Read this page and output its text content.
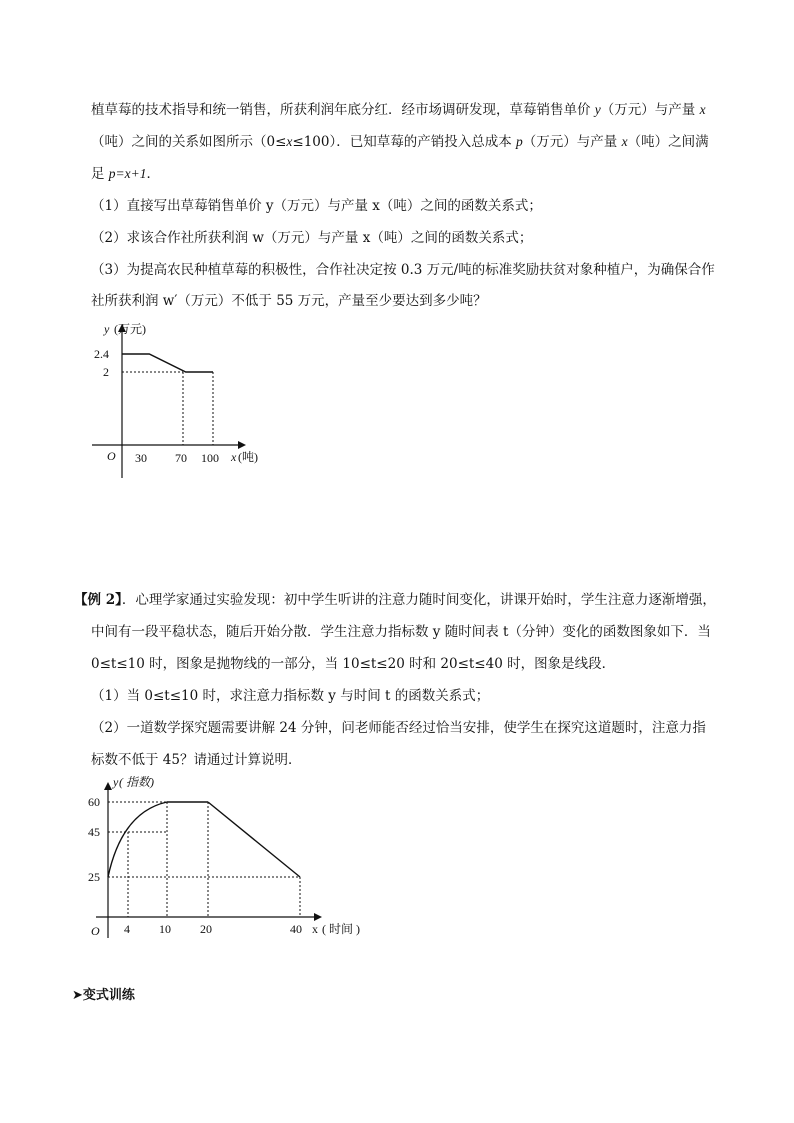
植草莓的技术指导和统一销售，所获利润年底分红．经市场调研发现，草莓销售单价 y（万元）与产量 x
（吨）之间的关系如图所示（0≤x≤100）．已知草莓的产销投入总成本 p（万元）与产量 x（吨）之间满
足 p=x+1．
（1）直接写出草莓销售单价 y（万元）与产量 x（吨）之间的函数关系式；
（2）求该合作社所获利润 w（万元）与产量 x（吨）之间的函数关系式；
（3）为提高农民种植草莓的积极性，合作社决定按 0.3 万元/吨的标准奖励扶贫对象种植户，为确保合作
社所获利润 w′（万元）不低于 55 万元，产量至少要达到多少吨？
y (万元)
2.4
2
O 30 70 100 x (吨)
【例 2】．心理学家通过实验发现：初中学生听讲的注意力随时间变化，讲课开始时，学生注意力逐渐增强，
中间有一段平稳状态，随后开始分散．学生注意力指标数 y 随时间表 t（分钟）变化的函数图象如下．当
0≤t≤10 时，图象是抛物线的一部分，当 10≤t≤20 时和 20≤t≤40 时，图象是线段．
（1）当 0≤t≤10 时，求注意力指标数 y 与时间 t 的函数关系式；
（2）一道数学探究题需要讲解 24 分钟，问老师能否经过恰当安排，使学生在探究这道题时，注意力指
标数不低于 45？请通过计算说明．
y ( 指数)
60
45
25
O 4 10 20	40 x ( 时间 )
➤变式训练
